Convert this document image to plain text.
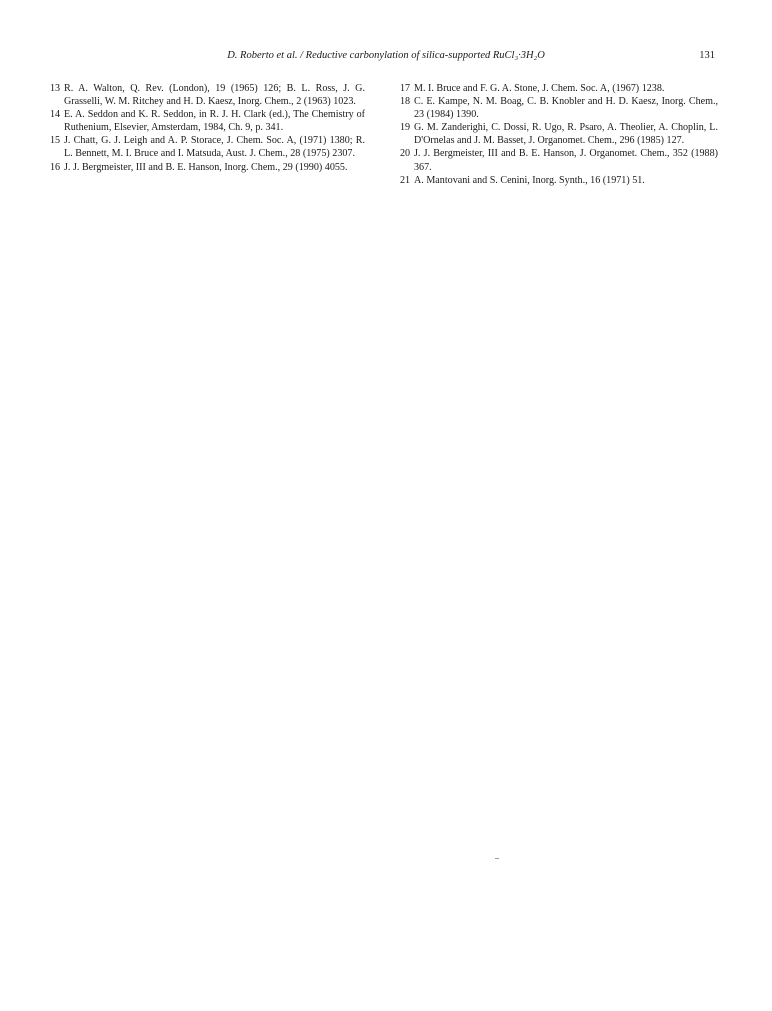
D. Roberto et al. / Reductive carbonylation of silica-supported RuCl₃·3H₂O	131
13 R. A. Walton, Q. Rev. (London), 19 (1965) 126; B. L. Ross, J. G. Grasselli, W. M. Ritchey and H. D. Kaesz, Inorg. Chem., 2 (1963) 1023.
14 E. A. Seddon and K. R. Seddon, in R. J. H. Clark (ed.), The Chemistry of Ruthenium, Elsevier, Amsterdam, 1984, Ch. 9, p. 341.
15 J. Chatt, G. J. Leigh and A. P. Storace, J. Chem. Soc. A, (1971) 1380; R. L. Bennett, M. I. Bruce and I. Matsuda, Aust. J. Chem., 28 (1975) 2307.
16 J. J. Bergmeister, III and B. E. Hanson, Inorg. Chem., 29 (1990) 4055.
17 M. I. Bruce and F. G. A. Stone, J. Chem. Soc. A, (1967) 1238.
18 C. E. Kampe, N. M. Boag, C. B. Knobler and H. D. Kaesz, Inorg. Chem., 23 (1984) 1390.
19 G. M. Zanderighi, C. Dossi, R. Ugo, R. Psaro, A. Theolier, A. Choplin, L. D'Ornelas and J. M. Basset, J. Organomet. Chem., 296 (1985) 127.
20 J. J. Bergmeister, III and B. E. Hanson, J. Organomet. Chem., 352 (1988) 367.
21 A. Mantovani and S. Cenini, Inorg. Synth., 16 (1971) 51.
